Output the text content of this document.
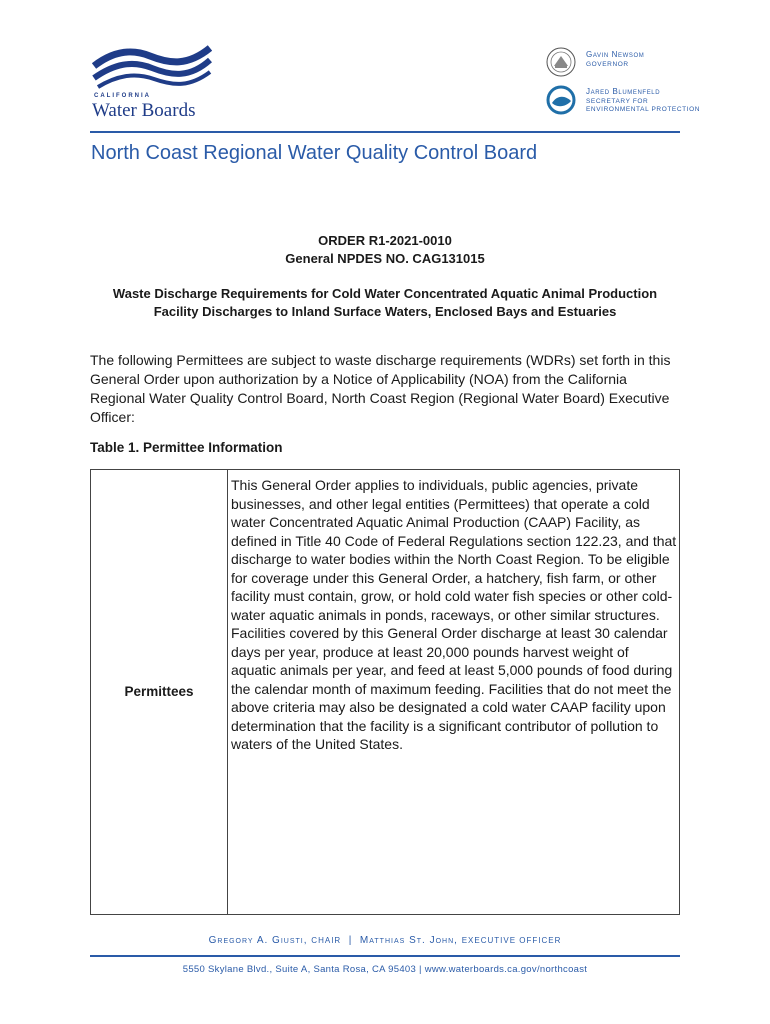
CALIFORNIA
Water Boards
Gavin Newsom
GOVERNOR
Jared Blumenfeld
SECRETARY FOR
ENVIRONMENTAL PROTECTION
North Coast Regional Water Quality Control Board
ORDER R1-2021-0010
General NPDES NO. CAG131015
Waste Discharge Requirements for Cold Water Concentrated Aquatic Animal Production Facility Discharges to Inland Surface Waters, Enclosed Bays and Estuaries
The following Permittees are subject to waste discharge requirements (WDRs) set forth in this General Order upon authorization by a Notice of Applicability (NOA) from the California Regional Water Quality Control Board, North Coast Region (Regional Water Board) Executive Officer:
Table 1. Permittee Information
Permittees
This General Order applies to individuals, public agencies, private businesses, and other legal entities (Permittees) that operate a cold water Concentrated Aquatic Animal Production (CAAP) Facility, as defined in Title 40 Code of Federal Regulations section 122.23, and that discharge to water bodies within the North Coast Region. To be eligible for coverage under this General Order, a hatchery, fish farm, or other facility must contain, grow, or hold cold water fish species or other cold-water aquatic animals in ponds, raceways, or other similar structures. Facilities covered by this General Order discharge at least 30 calendar days per year, produce at least 20,000 pounds harvest weight of aquatic animals per year, and feed at least 5,000 pounds of food during the calendar month of maximum feeding. Facilities that do not meet the above criteria may also be designated a cold water CAAP facility upon determination that the facility is a significant contributor of pollution to waters of the United States.
Gregory A. Giusti, CHAIR | Matthias St. John, EXECUTIVE OFFICER
5550 Skylane Blvd., Suite A, Santa Rosa, CA 95403 | www.waterboards.ca.gov/northcoast
